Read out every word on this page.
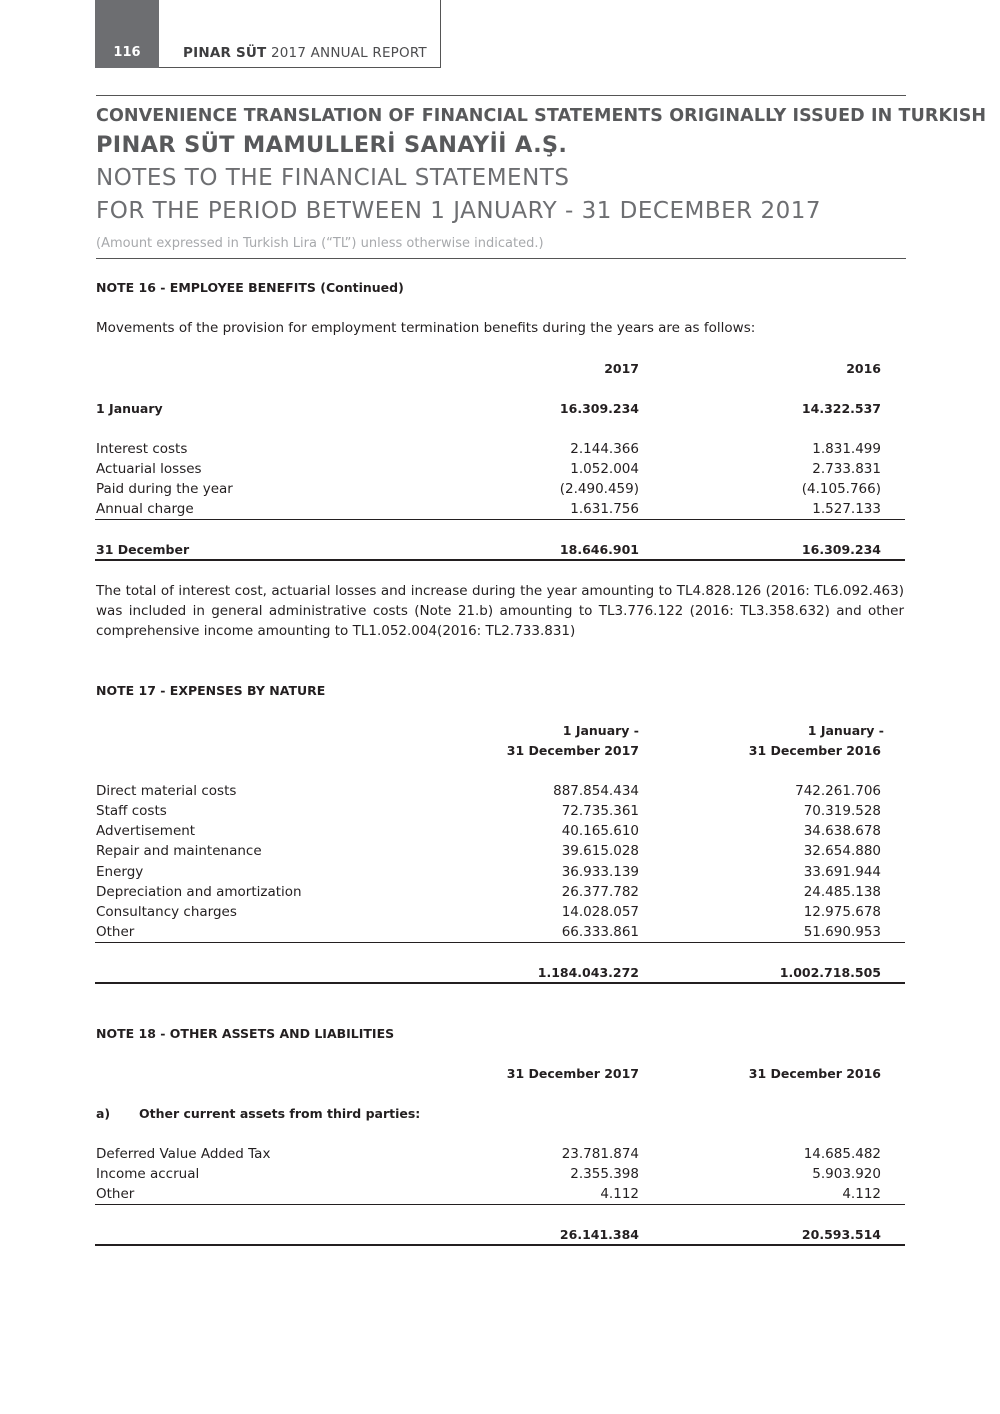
116	PINAR SÜT 2017 ANNUAL REPORT
CONVENIENCE TRANSLATION OF FINANCIAL STATEMENTS ORIGINALLY ISSUED IN TURKISH
PINAR SÜT MAMULLERİ SANAYİİ A.Ş.
NOTES TO THE FINANCIAL STATEMENTS
FOR THE PERIOD BETWEEN 1 JANUARY - 31 DECEMBER 2017
(Amount expressed in Turkish Lira (“TL”) unless otherwise indicated.)
NOTE 16 - EMPLOYEE BENEFITS (Continued)
Movements of the provision for employment termination benefits during the years are as follows:
2017	2016
1 January	16.309.234	14.322.537
Interest costs	2.144.366	1.831.499
Actuarial losses	1.052.004	2.733.831
Paid during the year	(2.490.459)	(4.105.766)
Annual charge	1.631.756	1.527.133
31 December	18.646.901	16.309.234
The total of interest cost, actuarial losses and increase during the year amounting to TL4.828.126 (2016: TL6.092.463) was included in general administrative costs (Note 21.b) amounting to TL3.776.122 (2016: TL3.358.632) and other comprehensive income amounting to TL1.052.004(2016: TL2.733.831)
NOTE 17 - EXPENSES BY NATURE
1 January -	1 January -
31 December 2017	31 December 2016
Direct material costs	887.854.434	742.261.706
Staff costs	72.735.361	70.319.528
Advertisement	40.165.610	34.638.678
Repair and maintenance	39.615.028	32.654.880
Energy	36.933.139	33.691.944
Depreciation and amortization	26.377.782	24.485.138
Consultancy charges	14.028.057	12.975.678
Other	66.333.861	51.690.953
1.184.043.272	1.002.718.505
NOTE 18 - OTHER ASSETS AND LIABILITIES
31 December 2017	31 December 2016
a) Other current assets from third parties:
Deferred Value Added Tax	23.781.874	14.685.482
Income accrual	2.355.398	5.903.920
Other	4.112	4.112
26.141.384	20.593.514
